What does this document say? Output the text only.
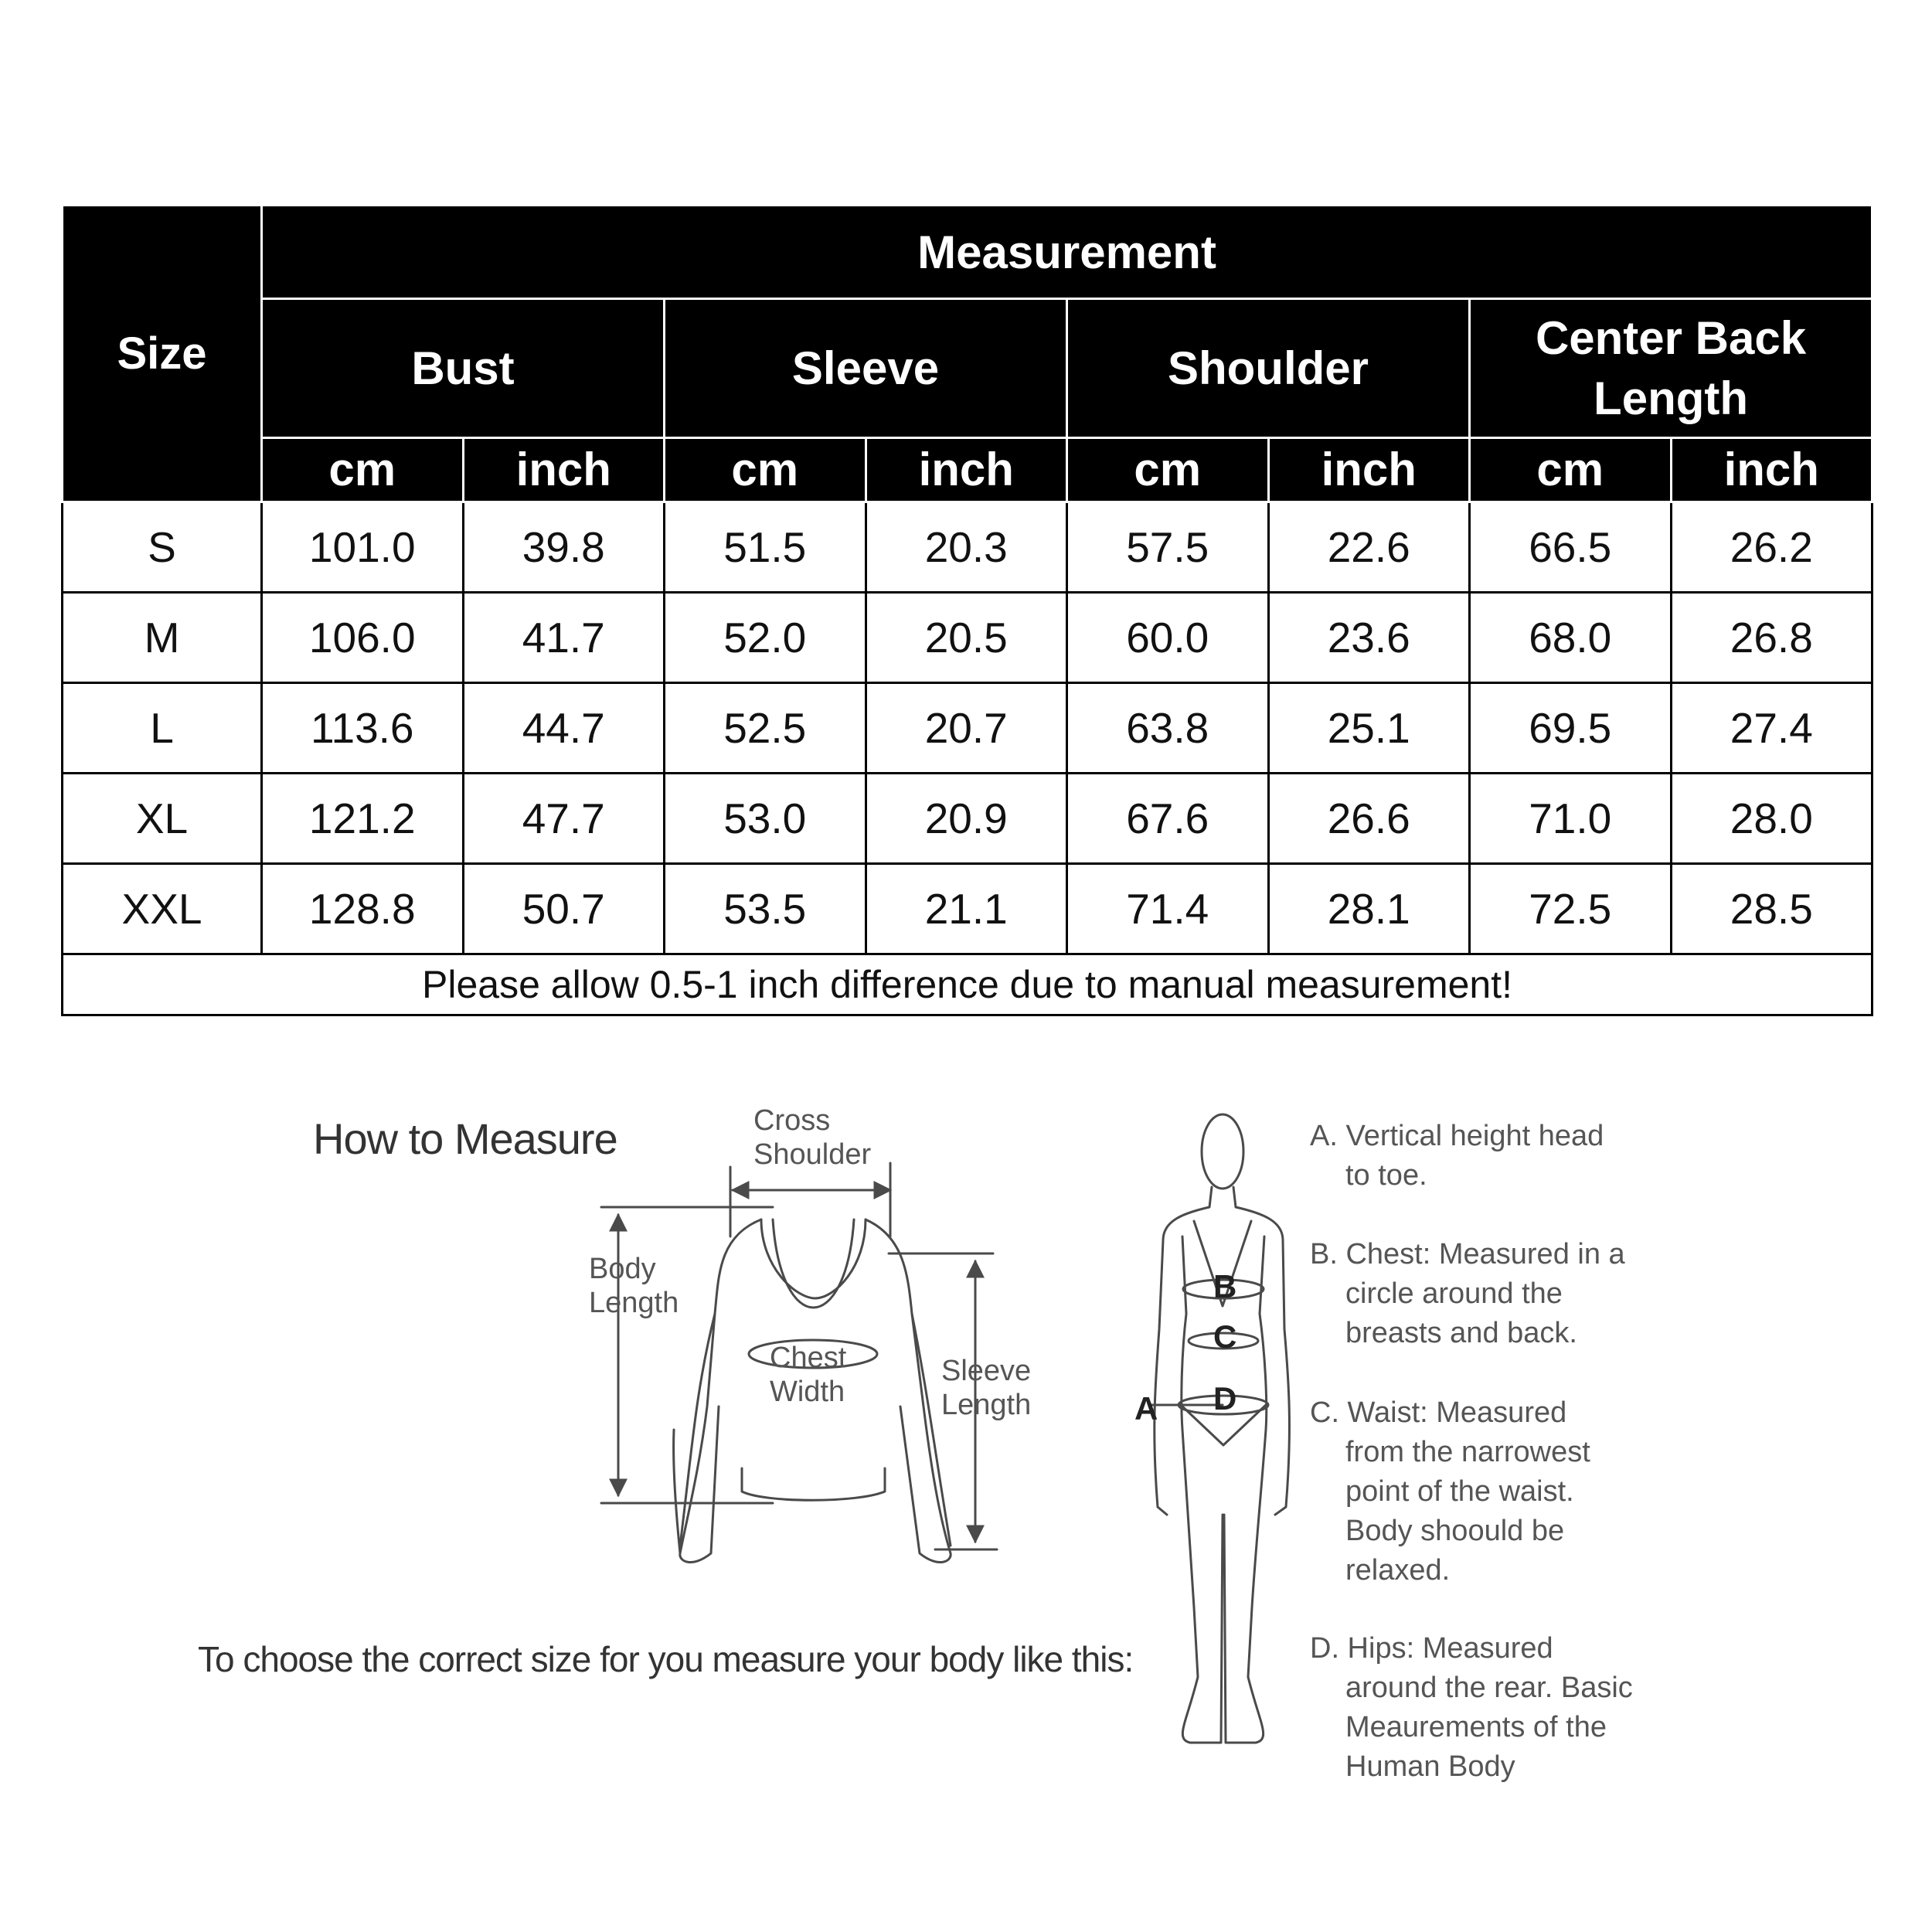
Size	Measurement							
	Bust		Sleeve		Shoulder		Center Back Length	
	cm	inch	cm	inch	cm	inch	cm	inch
S	101.0	39.8	51.5	20.3	57.5	22.6	66.5	26.2
M	106.0	41.7	52.0	20.5	60.0	23.6	68.0	26.8
L	113.6	44.7	52.5	20.7	63.8	25.1	69.5	27.4
XL	121.2	47.7	53.0	20.9	67.6	26.6	71.0	28.0
XXL	128.8	50.7	53.5	21.1	71.4	28.1	72.5	28.5
Please allow 0.5-1 inch difference due to manual measurement!								
How to Measure
To choose the correct size for you measure your body like this:
Cross
Shoulder
Body
Length
Chest
Width
Sleeve
Length	A
B
C
D
A. Vertical height head
to toe.
B. Chest: Measured in a
circle around the breasts and back.
C. Waist: Measured
from the narrowest point of the waist. Body shoould be relaxed.
D. Hips: Measured
around the rear. Basic Meaurements of the Human Body
